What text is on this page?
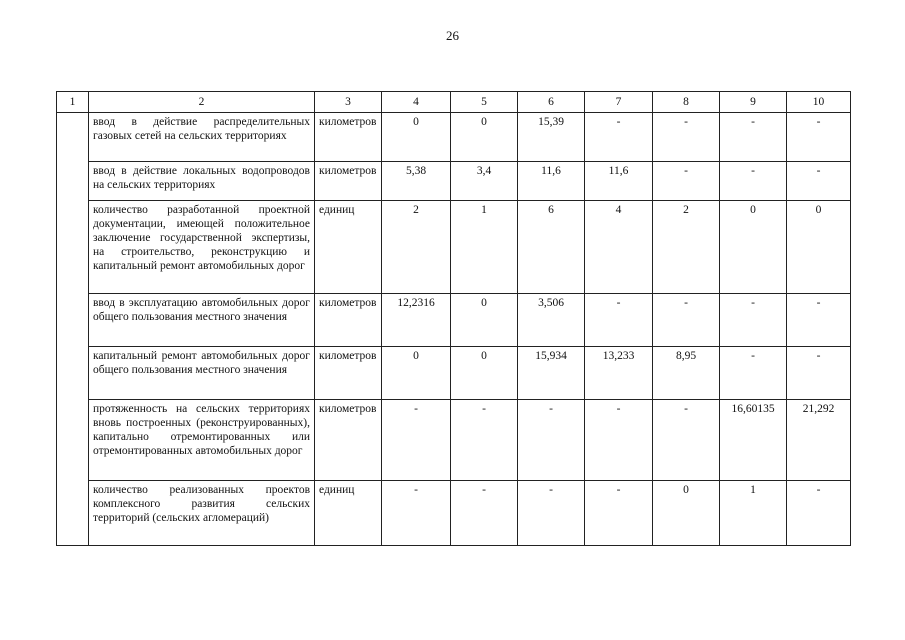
26
1	2	3	4	5	6	7	8	9	10
	ввод в действие распределительных газовых сетей на сельских территориях	километров	0	0	15,39	-	-	-	-
	ввод в действие локальных водопроводов на сельских территориях	километров	5,38	3,4	11,6	11,6	-	-	-
	количество разработанной проектной документации, имеющей положительное заключение государственной экспертизы, на строительство, реконструкцию и капитальный ремонт автомобильных дорог	единиц	2	1	6	4	2	0	0
	ввод в эксплуатацию автомобильных дорог общего пользования местного значения	километров	12,2316	0	3,506	-	-	-	-
	капитальный ремонт автомобильных дорог общего пользования местного значения	километров	0	0	15,934	13,233	8,95	-	-
	протяженность на сельских территориях вновь построенных (реконструированных), капитально отремонтированных или отремонтированных автомобильных дорог	километров	-	-	-	-	-	16,60135	21,292
	количество реализованных проектов комплексного развития сельских территорий (сельских агломераций)	единиц	-	-	-	-	0	1	-
